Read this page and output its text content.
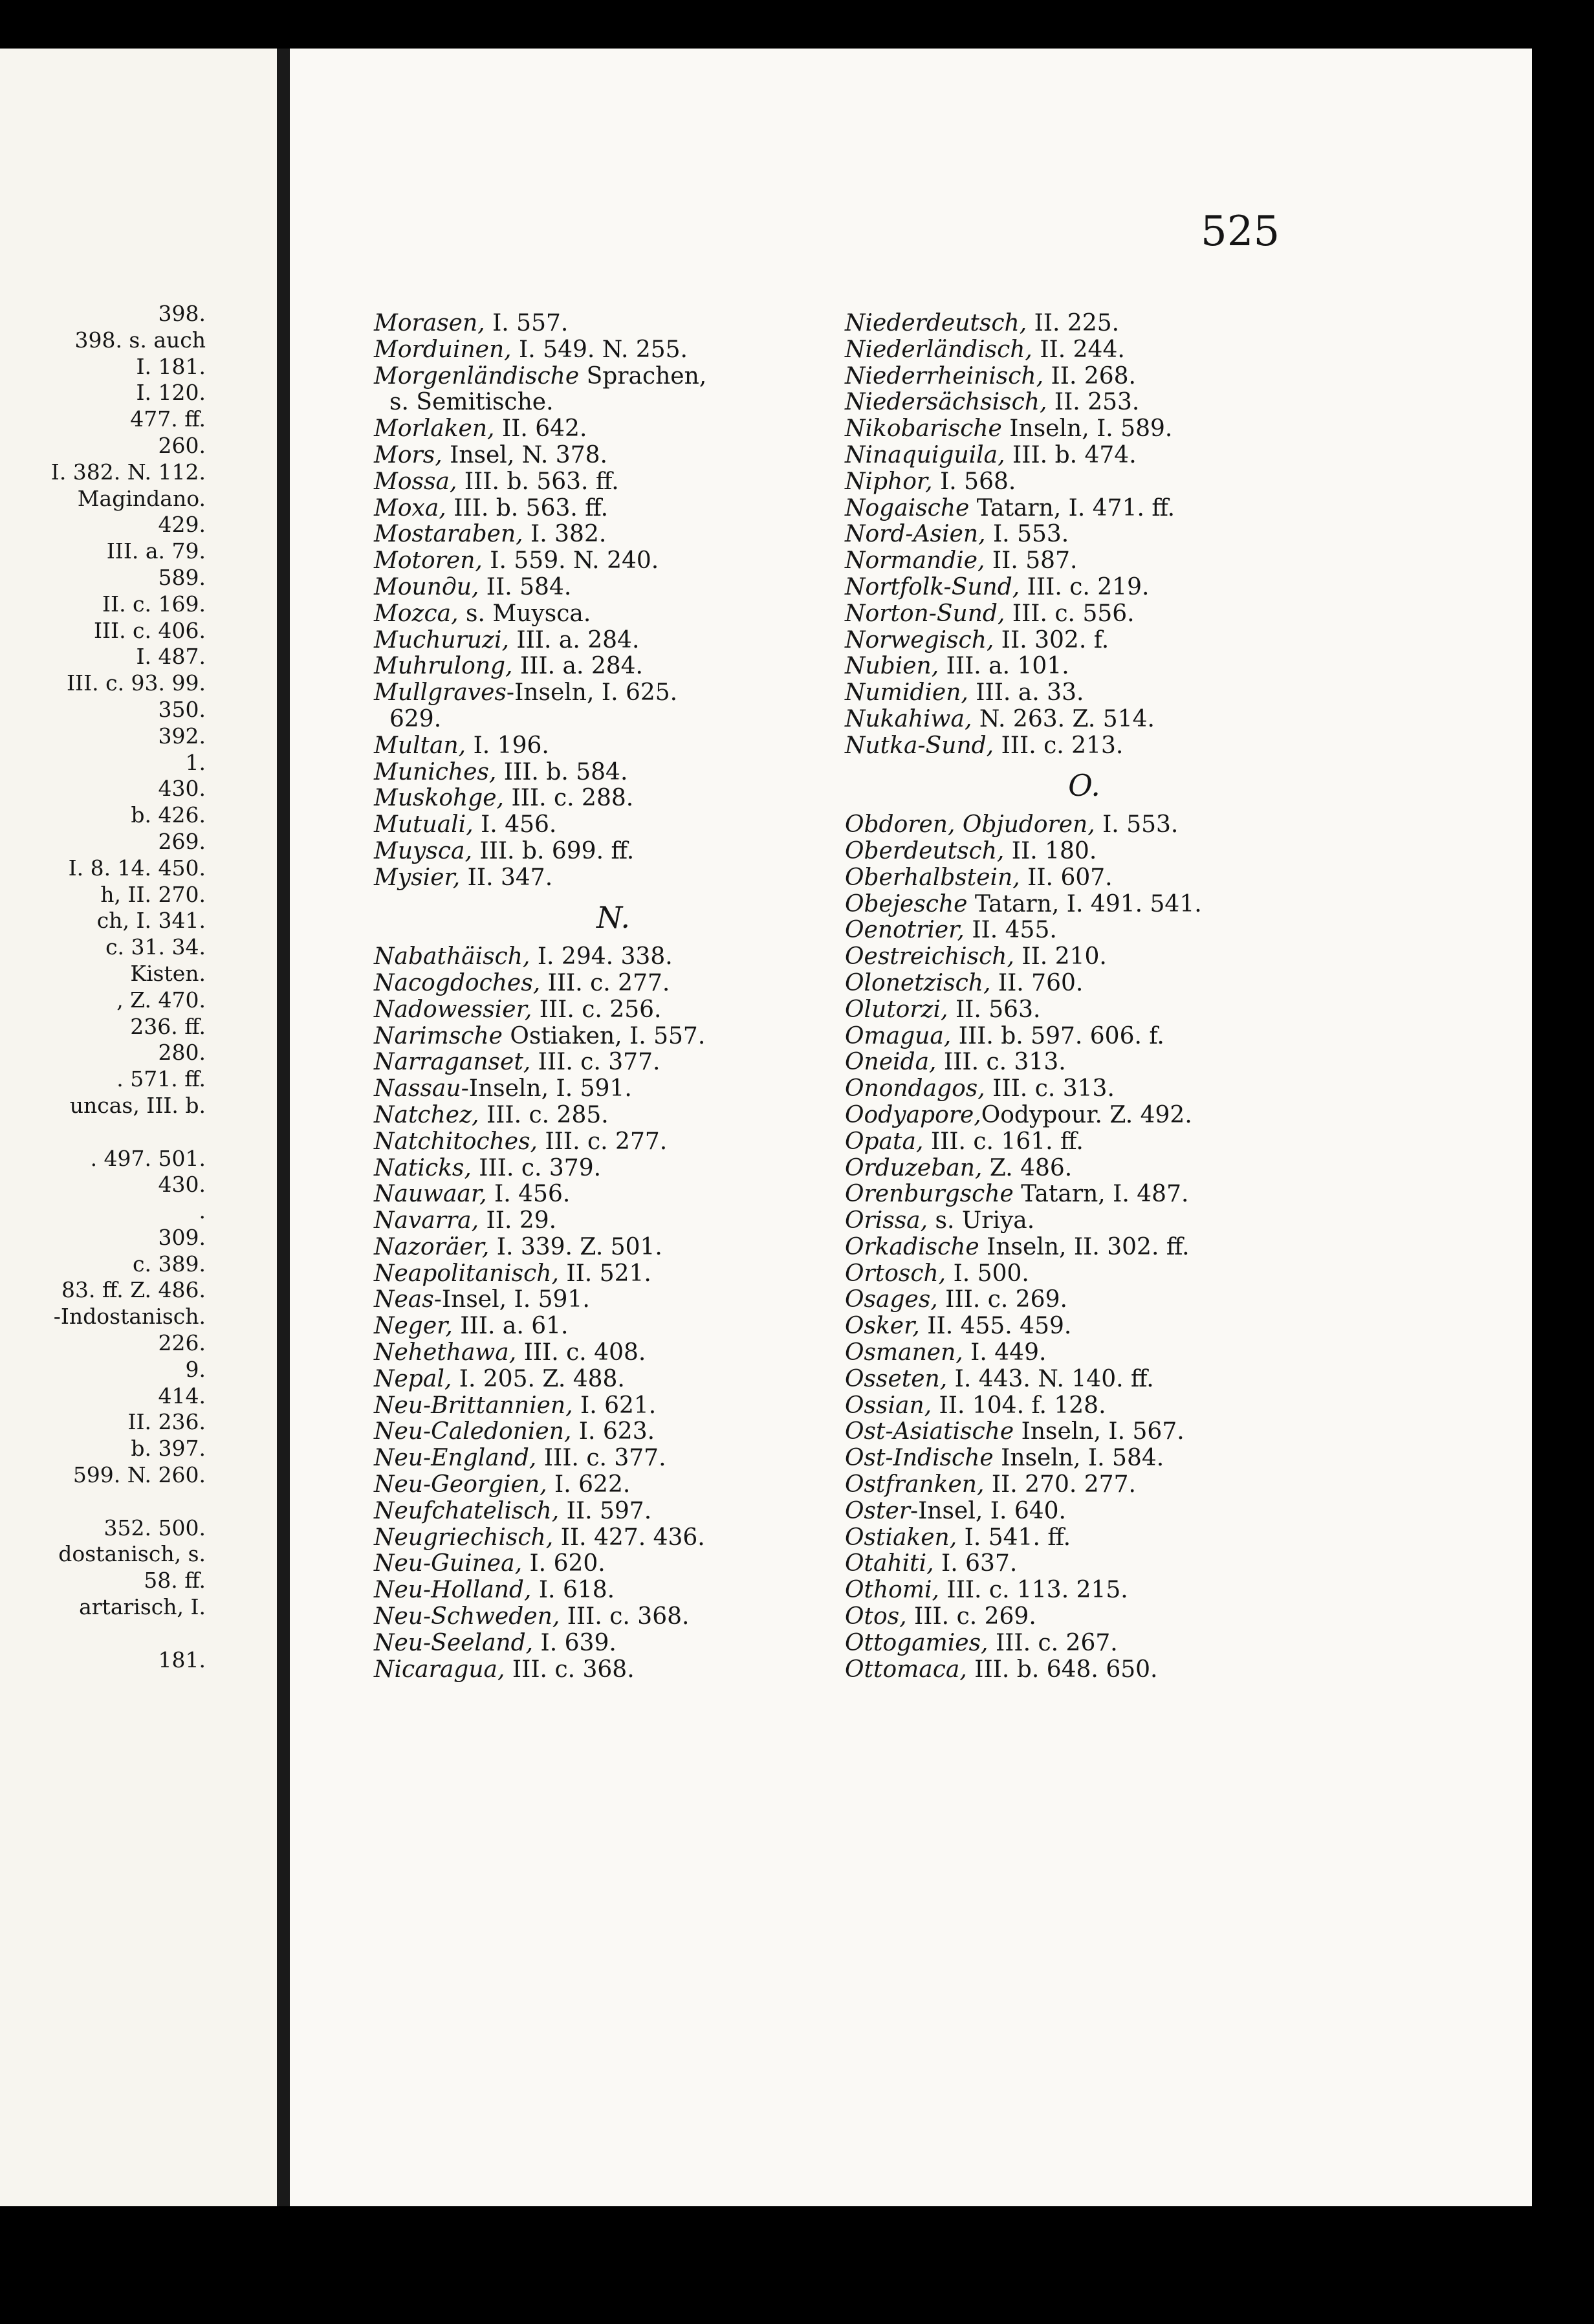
398.
398. s. auch
I. 181.
I. 120.
477. ff.
260.
I. 382. N. 112.
Magindano.
429.
III. a. 79.
589.
II. c. 169.
III. c. 406.
I. 487.
III. c. 93. 99.
350.
392.
1.
430.
b. 426.
269.
I. 8. 14. 450.
h, II. 270.
ch, I. 341.
c. 31. 34.
Kisten.
, Z. 470.
236. ff.
280.
. 571. ff.
uncas, III. b.
. 497. 501.
430.
.
309.
c. 389.
83. ff. Z. 486.
-Indostanisch.
226.
9.
414.
II. 236.
b. 397.
599. N. 260.
352. 500.
dostanisch, s.
58. ff.
artarisch, I.
181.
525
Morasen, I. 557.
Morduinen, I. 549. N. 255.
Morgenländische Sprachen,
s. Semitische.
Morlaken, II. 642.
Mors, Insel, N. 378.
Mossa, III. b. 563. ff.
Moxa, III. b. 563. ff.
Mostaraben, I. 382.
Motoren, I. 559. N. 240.
Mounди, II. 584.
Mozca, s. Muysca.
Muchuruzi, III. a. 284.
Muhrulong, III. a. 284.
Mullgraves-Inseln, I. 625.
629.
Multan, I. 196.
Muniches, III. b. 584.
Muskohge, III. c. 288.
Mutuali, I. 456.
Muysca, III. b. 699. ff.
Mysier, II. 347.
N.
Nabathäisch, I. 294. 338.
Nacogdoches, III. c. 277.
Nadowessier, III. c. 256.
Narimsche Ostiaken, I. 557.
Narraganset, III. c. 377.
Nassau-Inseln, I. 591.
Natchez, III. c. 285.
Natchitoches, III. c. 277.
Naticks, III. c. 379.
Nauwaar, I. 456.
Navarra, II. 29.
Nazoräer, I. 339. Z. 501.
Neapolitanisch, II. 521.
Neas-Insel, I. 591.
Neger, III. a. 61.
Nehethawa, III. c. 408.
Nepal, I. 205. Z. 488.
Neu-Brittannien, I. 621.
Neu-Caledonien, I. 623.
Neu-England, III. c. 377.
Neu-Georgien, I. 622.
Neufchatelisch, II. 597.
Neugriechisch, II. 427. 436.
Neu-Guinea, I. 620.
Neu-Holland, I. 618.
Neu-Schweden, III. c. 368.
Neu-Seeland, I. 639.
Nicaragua, III. c. 368.
Niederdeutsch, II. 225.
Niederländisch, II. 244.
Niederrheinisch, II. 268.
Niedersächsisch, II. 253.
Nikobarische Inseln, I. 589.
Ninaquiguila, III. b. 474.
Niphor, I. 568.
Nogaische Tatarn, I. 471. ff.
Nord-Asien, I. 553.
Normandie, II. 587.
Nortfolk-Sund, III. c. 219.
Norton-Sund, III. c. 556.
Norwegisch, II. 302. f.
Nubien, III. a. 101.
Numidien, III. a. 33.
Nukahiwa, N. 263. Z. 514.
Nutka-Sund, III. c. 213.
O.
Obdoren, Objudoren, I. 553.
Oberdeutsch, II. 180.
Oberhalbstein, II. 607.
Obejesche Tatarn, I. 491. 541.
Oenotrier, II. 455.
Oestreichisch, II. 210.
Olonetzisch, II. 760.
Olutorzi, II. 563.
Omagua, III. b. 597. 606. f.
Oneida, III. c. 313.
Onondagos, III. c. 313.
Oodyapore,Oodypour. Z. 492.
Opata, III. c. 161. ff.
Orduzeban, Z. 486.
Orenburgsche Tatarn, I. 487.
Orissa, s. Uriya.
Orkadische Inseln, II. 302. ff.
Ortosch, I. 500.
Osages, III. c. 269.
Osker, II. 455. 459.
Osmanen, I. 449.
Osseten, I. 443. N. 140. ff.
Ossian, II. 104. f. 128.
Ost-Asiatische Inseln, I. 567.
Ost-Indische Inseln, I. 584.
Ostfranken, II. 270. 277.
Oster-Insel, I. 640.
Ostiaken, I. 541. ff.
Otahiti, I. 637.
Othomi, III. c. 113. 215.
Otos, III. c. 269.
Ottogamies, III. c. 267.
Ottomaca, III. b. 648. 650.
